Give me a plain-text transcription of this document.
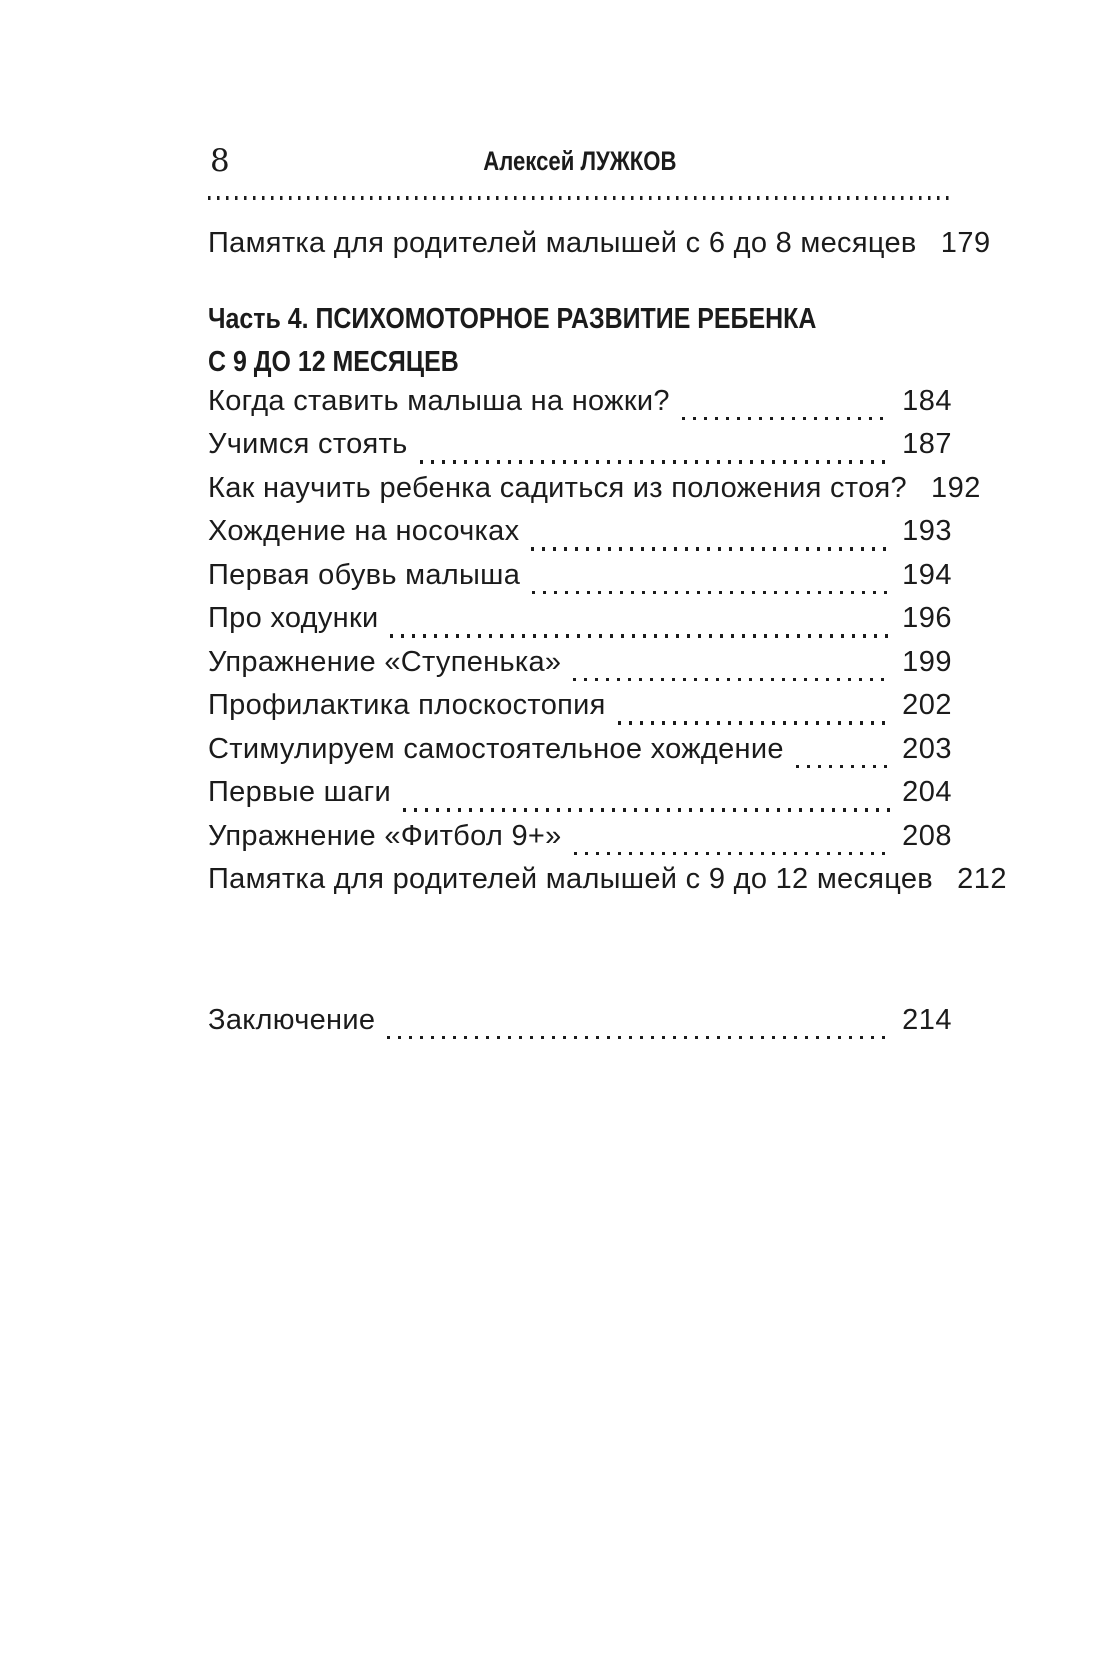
8	Алексей ЛУЖКОВ
Памятка для родителей малышей с 6 до 8 месяцев 179
Часть 4. ПСИХОМОТОРНОЕ РАЗВИТИЕ РЕБЕНКА
С 9 ДО 12 МЕСЯЦЕВ
Когда ставить малыша на ножки?	184
Учимся стоять	187
Как научить ребенка садиться из положения стоя? 192
Хождение на носочках	193
Первая обувь малыша	194
Про ходунки	196
Упражнение «Ступенька»	199
Профилактика плоскостопия	202
Стимулируем самостоятельное хождение	203
Первые шаги	204
Упражнение «Фитбол 9+»	208
Памятка для родителей малышей с 9 до 12 месяцев 212
Заключение	214
